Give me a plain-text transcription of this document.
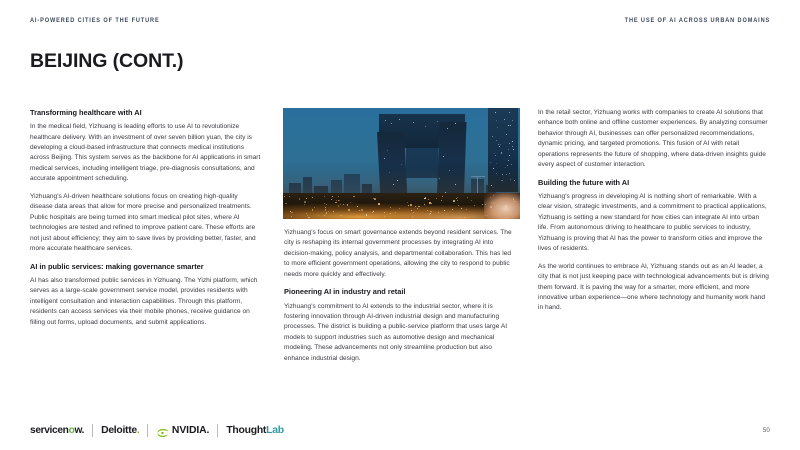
AI-POWERED CITIES OF THE FUTURE	THE USE OF AI ACROSS URBAN DOMAINS
BEIJING (CONT.)
Transforming healthcare with AI

In the medical field, Yizhuang is leading efforts to use AI to revolutionize healthcare delivery. With an investment of over seven billion yuan, the city is developing a cloud-based infrastructure that connects medical institutions across Beijing. This system serves as the backbone for AI applications in smart medical services, including intelligent triage, pre-diagnosis consultations, and accurate appointment scheduling.

Yizhuang's AI-driven healthcare solutions focus on creating high-quality disease data areas that allow for more precise and personalized treatments. Public hospitals are being turned into smart medical pilot sites, where AI technologies are tested and refined to improve patient care. These efforts are not just about efficiency; they aim to save lives by providing better, faster, and more accurate healthcare services.

AI in public services: making governance smarter

AI has also transformed public services in Yizhuang. The Yizhi platform, which serves as a large-scale government service model, provides residents with intelligent consultation and interaction capabilities. Through this platform, residents can access services via their mobile phones, receive guidance on filling out forms, upload documents, and submit applications.

Yizhuang's focus on smart governance extends beyond resident services. The city is reshaping its internal government processes by integrating AI into decision-making, policy analysis, and departmental collaboration. This has led to more efficient government operations, allowing the city to respond to public needs more quickly and effectively.

Pioneering AI in industry and retail

Yizhuang's commitment to AI extends to the industrial sector, where it is fostering innovation through AI-driven industrial design and manufacturing processes. The district is building a public-service platform that uses large AI models to support industries such as automotive design and mechanical modeling. These advancements not only streamline production but also enhance industrial design.

In the retail sector, Yizhuang works with companies to create AI solutions that enhance both online and offline customer experiences. By analyzing consumer behavior through AI, businesses can offer personalized recommendations, dynamic pricing, and targeted promotions. This fusion of AI with retail operations represents the future of shopping, where data-driven insights guide every aspect of customer interaction.

Building the future with AI

Yizhuang's progress in developing AI is nothing short of remarkable. With a clear vision, strategic investments, and a commitment to practical applications, Yizhuang is setting a new standard for how cities can integrate AI into urban life. From autonomous driving to healthcare to public services to industry, Yizhuang is proving that AI has the power to transform cities and improve the lives of residents.

As the world continues to embrace AI, Yizhuang stands out as an AI leader, a city that is not just keeping pace with technological advancements but is driving them forward. It is paving the way for a smarter, more efficient, and more innovative urban experience—one where technology and humanity work hand in hand.

servicen o w. Deloitte .	NVIDIA. Thought Lab	50
